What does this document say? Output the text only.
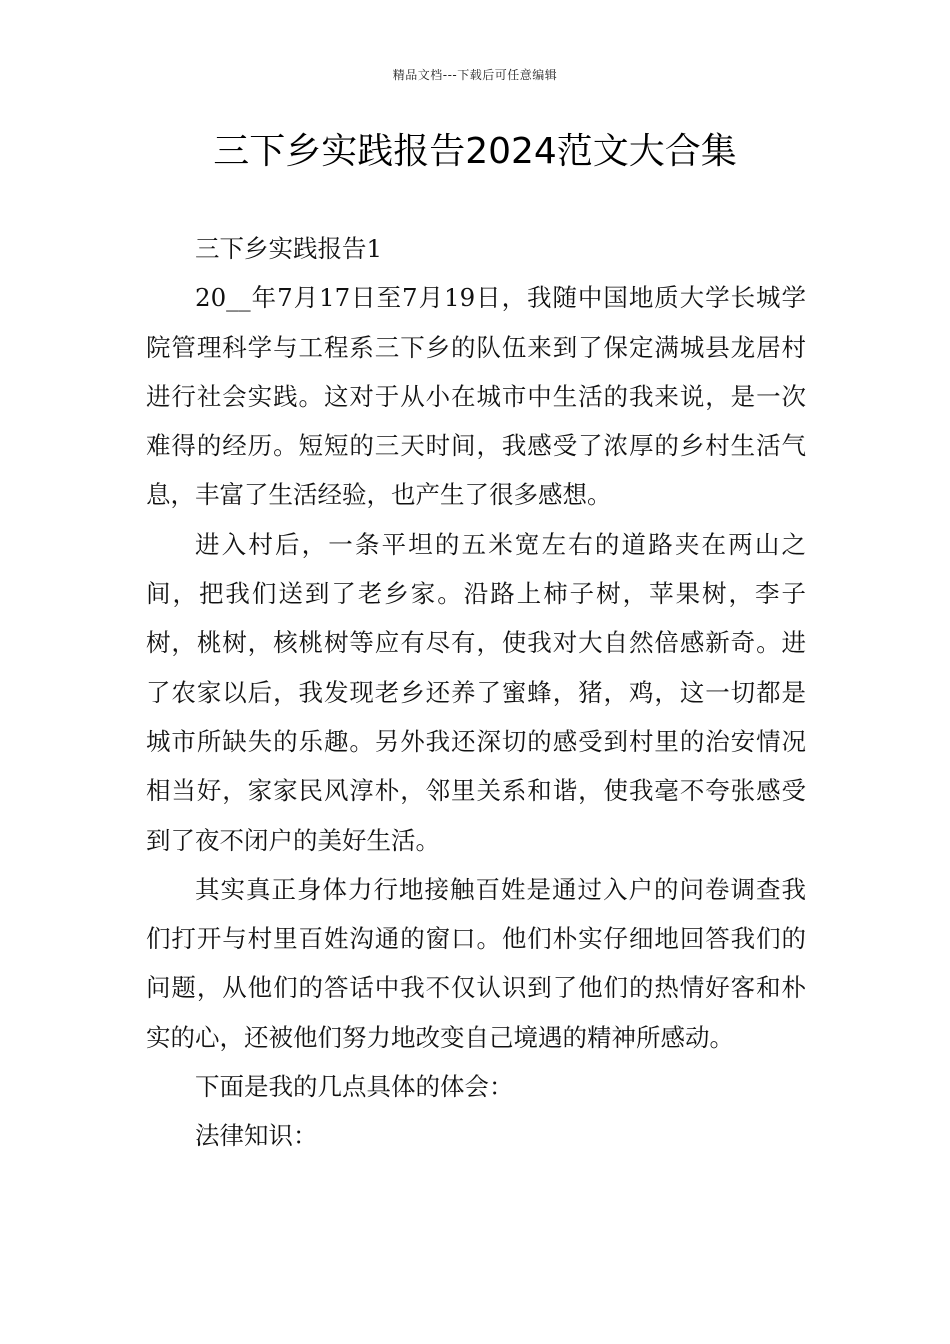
精品文档---下载后可任意编辑
三下乡实践报告2024范文大合集

三下乡实践报告1

20__年7月17日至7月19日，我随中国地质大学长城学院管理科学与工程系三下乡的队伍来到了保定满城县龙居村进行社会实践。这对于从小在城市中生活的我来说，是一次难得的经历。短短的三天时间，我感受了浓厚的乡村生活气息，丰富了生活经验，也产生了很多感想。

进入村后，一条平坦的五米宽左右的道路夹在两山之间，把我们送到了老乡家。沿路上柿子树，苹果树，李子树，桃树，核桃树等应有尽有，使我对大自然倍感新奇。进了农家以后，我发现老乡还养了蜜蜂，猪，鸡，这一切都是城市所缺失的乐趣。另外我还深切的感受到村里的治安情况相当好，家家民风淳朴，邻里关系和谐，使我毫不夸张感受到了夜不闭户的美好生活。

其实真正身体力行地接触百姓是通过入户的问卷调查我们打开与村里百姓沟通的窗口。他们朴实仔细地回答我们的问题，从他们的答话中我不仅认识到了他们的热情好客和朴实的心，还被他们努力地改变自己境遇的精神所感动。

下面是我的几点具体的体会：

法律知识：
